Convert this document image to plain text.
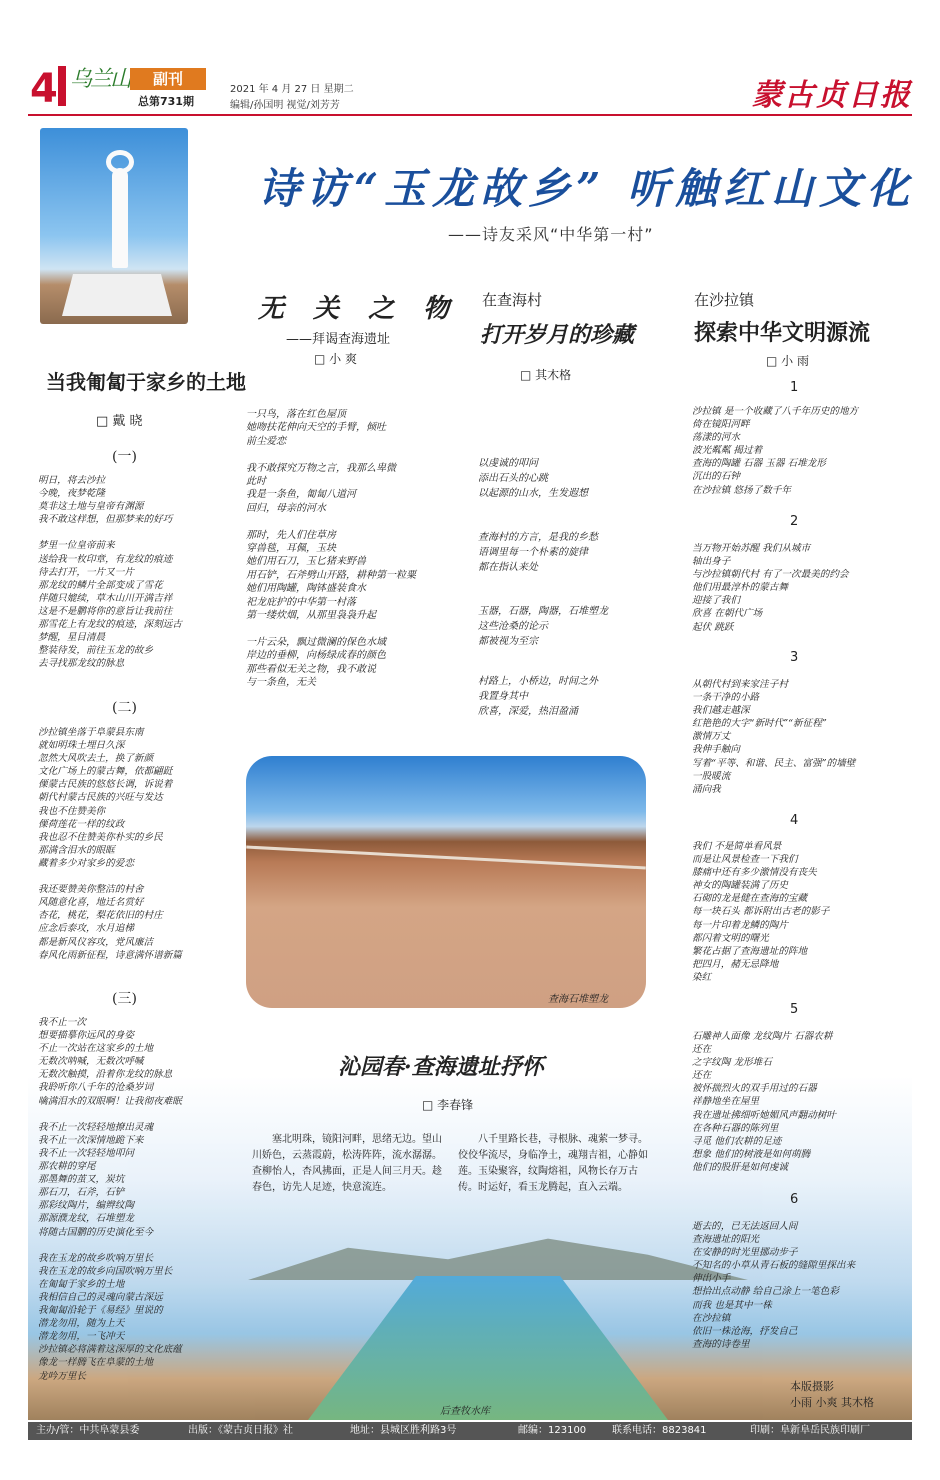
4 乌兰山	副刊
总第731期
2021 年 4 月 27 日 星期二
编辑/孙国明 视觉/刘芳芳	蒙古贞日报
诗访“玉龙故乡” 听触红山文化
——诗友采风“中华第一村”
后查牧水库
当我匍匐于家乡的土地
□ 戴 晓
(一)
明日，将去沙拉
今晚，夜梦乾隆
莫非这土地与皇帝有渊源
我不敢这样想，但那梦来的好巧

梦里一位皇帝前来
送给我一枚印章，有龙纹的痕迹
待去打开，一片又一片
那龙纹的鳞片全部变成了雪花
伴随只媲续，草木山川开满吉祥
这是不是鹏将你的意旨让我前往
那雪花上有龙纹的痕迹，深刻远古
梦醒，星目清晨
整装待发，前往玉龙的故乡
去寻找那龙纹的脉息
(二)
沙拉镇坐落于阜蒙县东南
就如明珠土埋日久深
忽然大风吹去土，换了新颜
文化广场上的蒙古舞，依都翩跹
傈蒙古民族的悠悠长调，诉说着
朝代村蒙古民族的兴旺与发达
我也不住赞美你
傈荷莲花一样的纹政
我也忍不住赞美你朴实的乡民
那满含泪水的眼眶
藏着多少对家乡的爱恋

我还要赞美你整洁的村舍
风随意化喜，地迁名赏好
杏花，桃花，梨花依旧的村庄
应念后泰攻，水月追梯
都是新风仪容攻，党风廉洁
春风化雨新征程，诗意满怀谱新篇
(三)
我不止一次
想要描摹你远风的身姿
不止一次站在这家乡的土地
无数次呐喊，无数次呼喊
无数次触摸，沿着你龙纹的脉息
我聆听你八千年的沧桑岁词
噙满泪水的双眼啊！让我彻夜难眠

我不止一次轻轻地撩出灵魂
我不止一次深情地跪下来
我不止一次轻轻地叩问
那农耕的穿尾
那墨舞的茧又，炭坑
那石刀，石斧，石铲
那彩纹陶片，编辫纹陶
那源濮龙纹，石堆塑龙
将随古国鹏的历史演化至今

我在玉龙的故乡吹响万里长
我在玉龙的故乡向国吹响万里长
在匍匐于家乡的土地
我相信自己的灵魂向蒙古深远
我匍匐沿轮于《易经》里说的
潜龙勿用，随为上天
潜龙勿用，一飞冲天
沙拉镇必将满着这深厚的文化底蕴
像龙一样腾飞在阜蒙的土地
龙吟万里长
无 关 之 物
——拜谒查海遗址
□ 小 爽
一只鸟，落在红色屋顶
她吻扶花伸向天空的手臂，倾吐
前尘爱恋

我不敢探究万物之言，我那么卑微
此时
我是一条鱼，匍匐八道河
回归，母亲的河水

那时，先人们住草房
穿兽毯，耳佩，玉块
她们用石刀，玉匕猪来野兽
用石铲，石斧劈山开路，耕种第一粒粟
她们用陶罐，陶钵盛装食水
祀龙庇护的中华第一村落
第一缕炊烟，从那里袅袅升起

一片云朵，飘过微澜的保色水域
岸边的垂柳，向杨绿成春的颜色
那些看似无关之物，我不敢说
与一条鱼，无关
在查海村
打开岁月的珍藏
□ 其木格
以虔诚的叩问
添出石头的心跳
以起源的山水，生发遐想
查海村的方言，是我的乡愁
语调里每一个朴素的旋律
都在指认来处
玉器，石器，陶器，石堆塑龙
这些沧桑的论示
都被视为至宗
村路上，小桥边，时间之外
我置身其中
欣喜，深爱，热泪盈涌
在沙拉镇
探索中华文明源流
□ 小 雨
1
沙拉镇 是一个收藏了八千年历史的地方
倚在镜阳河畔
荡漾的河水
波光粼粼 揭过着
查海的陶罐 石器 玉器 石堆龙形
沉出的石钟
在沙拉镇 悠扬了数千年
2
当万物开始苏醒 我们从城市
轴出身子
与沙拉镇朝代村 有了一次最美的约会
他们用最淳朴的蒙古舞
迎接了我们
欣喜 在朝代广场
起伏 跳跃
3
从朝代村到来家洼子村
一条干净的小路
我们越走越深
红艳艳的大字“新时代”“新征程”
激情万丈
我伸手触向
写着“平等、和谐、民主、富强”的墙壁
一股暖流
涌向我
4
我们 不是简单看风景
而是让风景检查一下我们
膝痛中还有多少激情没有丧失
神女的陶罐装满了历史
石砌的龙是健在查海的宝藏
每一块石头 都诉附出古老的影子
每一片印着龙鳞的陶片
都闪着文明的曙光
繁花占据了查海遗址的阵地
把四月，赭无忌降地
染红
5
石雕神人面像 龙纹陶片 石器农耕
还在
之字纹陶 龙形堆石
还在
被怀揣烈火的双手用过的石器
祥静地坐在屋里
我在遗址拂细听她媚风声翻动树叶
在各种石器的陈列里
寻觅 他们农耕的足迹
想象 他们的树液是如何萌腾
他们的股肝是如何虔诚
6
逝去的，已无法返回人间
查海遗址的阳光
在安静的时光里挪动步子
不知名的小草从青石板的缝隙里探出来
伸出小手
想拾出点动静 给自己涂上一笔色彩
而我 也是其中一株
在沙拉镇
依旧一株沧海，抒发自己
查海的诗卷里
查海石堆塑龙
沁园春·查海遗址抒怀
□ 李春锋
塞北明珠，镜阳河畔，思绪无边。望山川娇色，云蒸霞蔚，松涛阵阵，流水潺潺。查柳怡人，杏风拂面，正是人间三月天。趁春色，访先人足迹，快意流连。
八千里路长巷，寻根脉、魂萦一梦寻。佼佼华流尽，身临净土，魂翔吉祖，心静如莲。玉染聚容，纹陶熔祖，风物长存万古传。时运好，看玉龙腾起，直入云端。
本版摄影
小雨 小爽 其木格
主办/管：中共阜蒙县委	出版：《蒙古贞日报》社	地址：县城区胜利路3号	邮编：123100	联系电话：8823841	印刷：阜新阜岳民族印刷厂
